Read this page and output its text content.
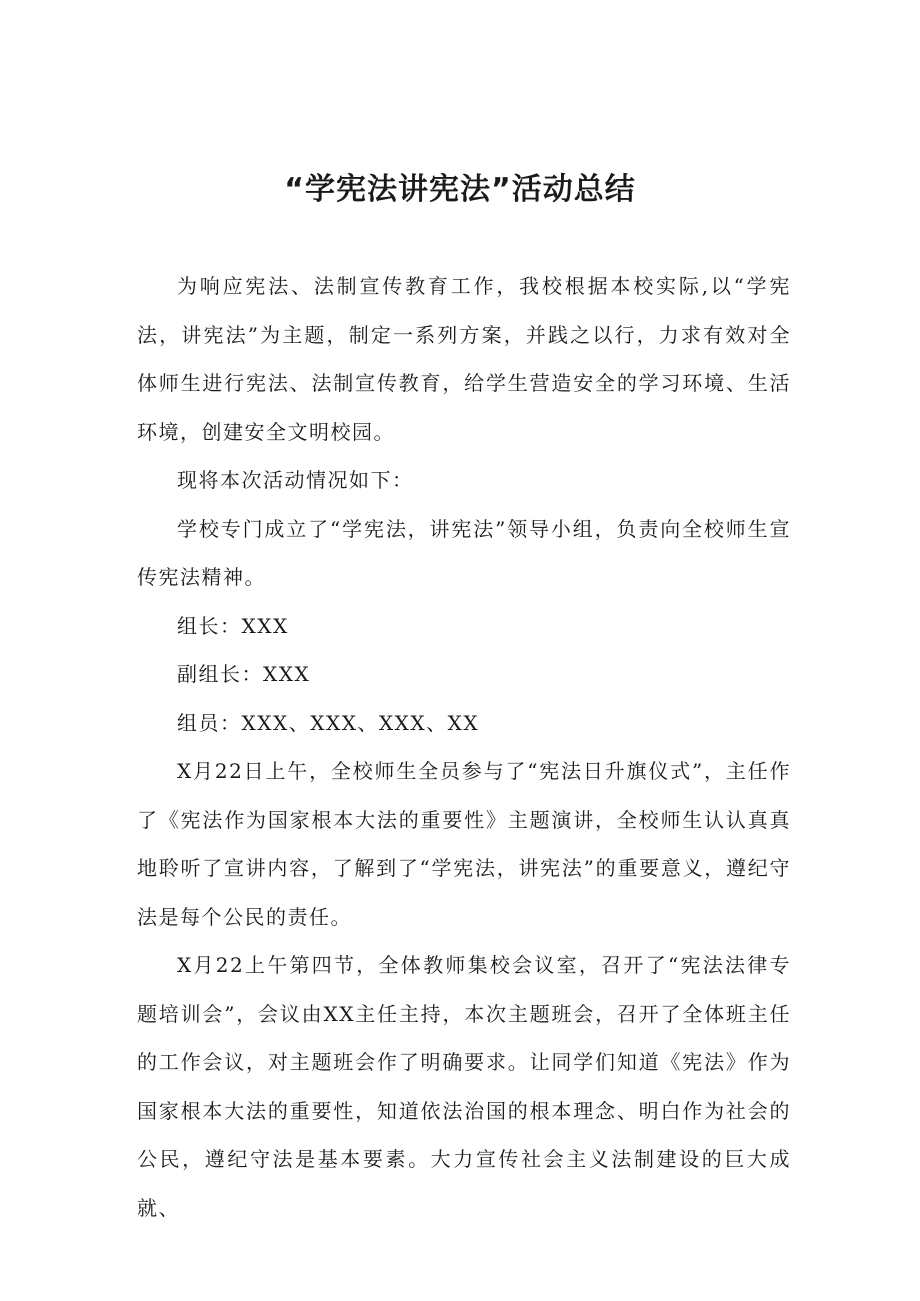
“学宪法讲宪法”活动总结

为响应宪法、法制宣传教育工作，我校根据本校实际,以“学宪法，讲宪法”为主题，制定一系列方案，并践之以行，力求有效对全体师生进行宪法、法制宣传教育，给学生营造安全的学习环境、生活环境，创建安全文明校园。

现将本次活动情况如下：

学校专门成立了“学宪法，讲宪法”领导小组，负责向全校师生宣传宪法精神。

组长：XXX

副组长：XXX

组员：XXX、XXX、XXX、XX

X月22日上午，全校师生全员参与了“宪法日升旗仪式”，主任作了《宪法作为国家根本大法的重要性》主题演讲，全校师生认认真真地聆听了宣讲内容，了解到了“学宪法，讲宪法”的重要意义，遵纪守法是每个公民的责任。

X月22上午第四节，全体教师集校会议室，召开了“宪法法律专题培训会”，会议由XX主任主持，本次主题班会，召开了全体班主任的工作会议，对主题班会作了明确要求。让同学们知道《宪法》作为国家根本大法的重要性，知道依法治国的根本理念、明白作为社会的公民，遵纪守法是基本要素。大力宣传社会主义法制建设的巨大成就、
